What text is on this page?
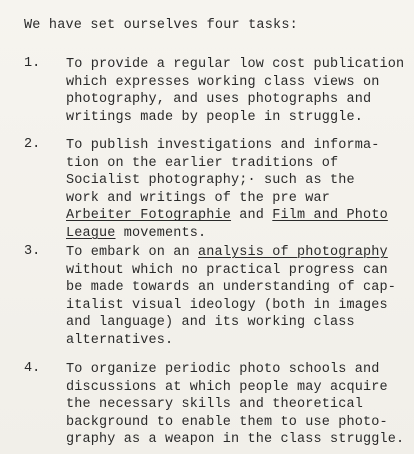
We have set ourselves four tasks:
1. To provide a regular low cost publication
which expresses working class views on
photography, and uses photographs and
writings made by people in struggle.
2. To publish investigations and informa-
tion on the earlier traditions of
Socialist photography;· such as the
work and writings of the pre war
Arbeiter Fotographie and Film and Photo
League movements.
3. To embark on an analysis of photography
without which no practical progress can
be made towards an understanding of cap-
italist visual ideology (both in images
and language) and its working class
alternatives.
4. To organize periodic photo schools and
discussions at which people may acquire
the necessary skills and theoretical
background to enable them to use photo-
graphy as a weapon in the class struggle.
